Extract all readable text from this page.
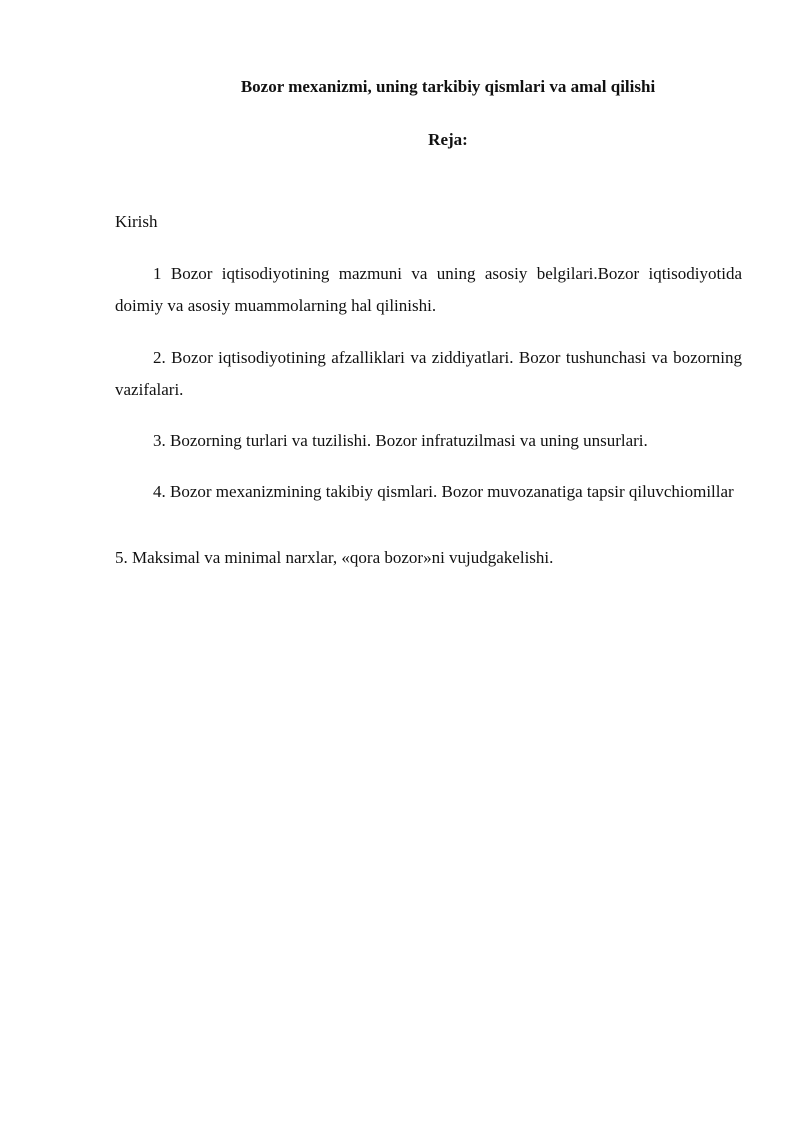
Bozor mexanizmi, uning tarkibiy qismlari va amal qilishi
Reja:

Kirish

1 Bozor iqtisodiyotining mazmuni va uning asosiy belgilari.Bozor iqtisodiyotida doimiy va asosiy muammolarning hal qilinishi.

2. Bozor iqtisodiyotining afzalliklari va ziddiyatlari. Bozor tushunchasi va bozorning vazifalari.

3. Bozorning turlari va tuzilishi. Bozor infratuzilmasi va uning unsurlari.

4. Bozor mexanizmining takibiy qismlari. Bozor muvozanatiga tapsir qiluvchiomillar

5. Maksimal va minimal narxlar, «qora bozor»ni vujudgakelishi.
